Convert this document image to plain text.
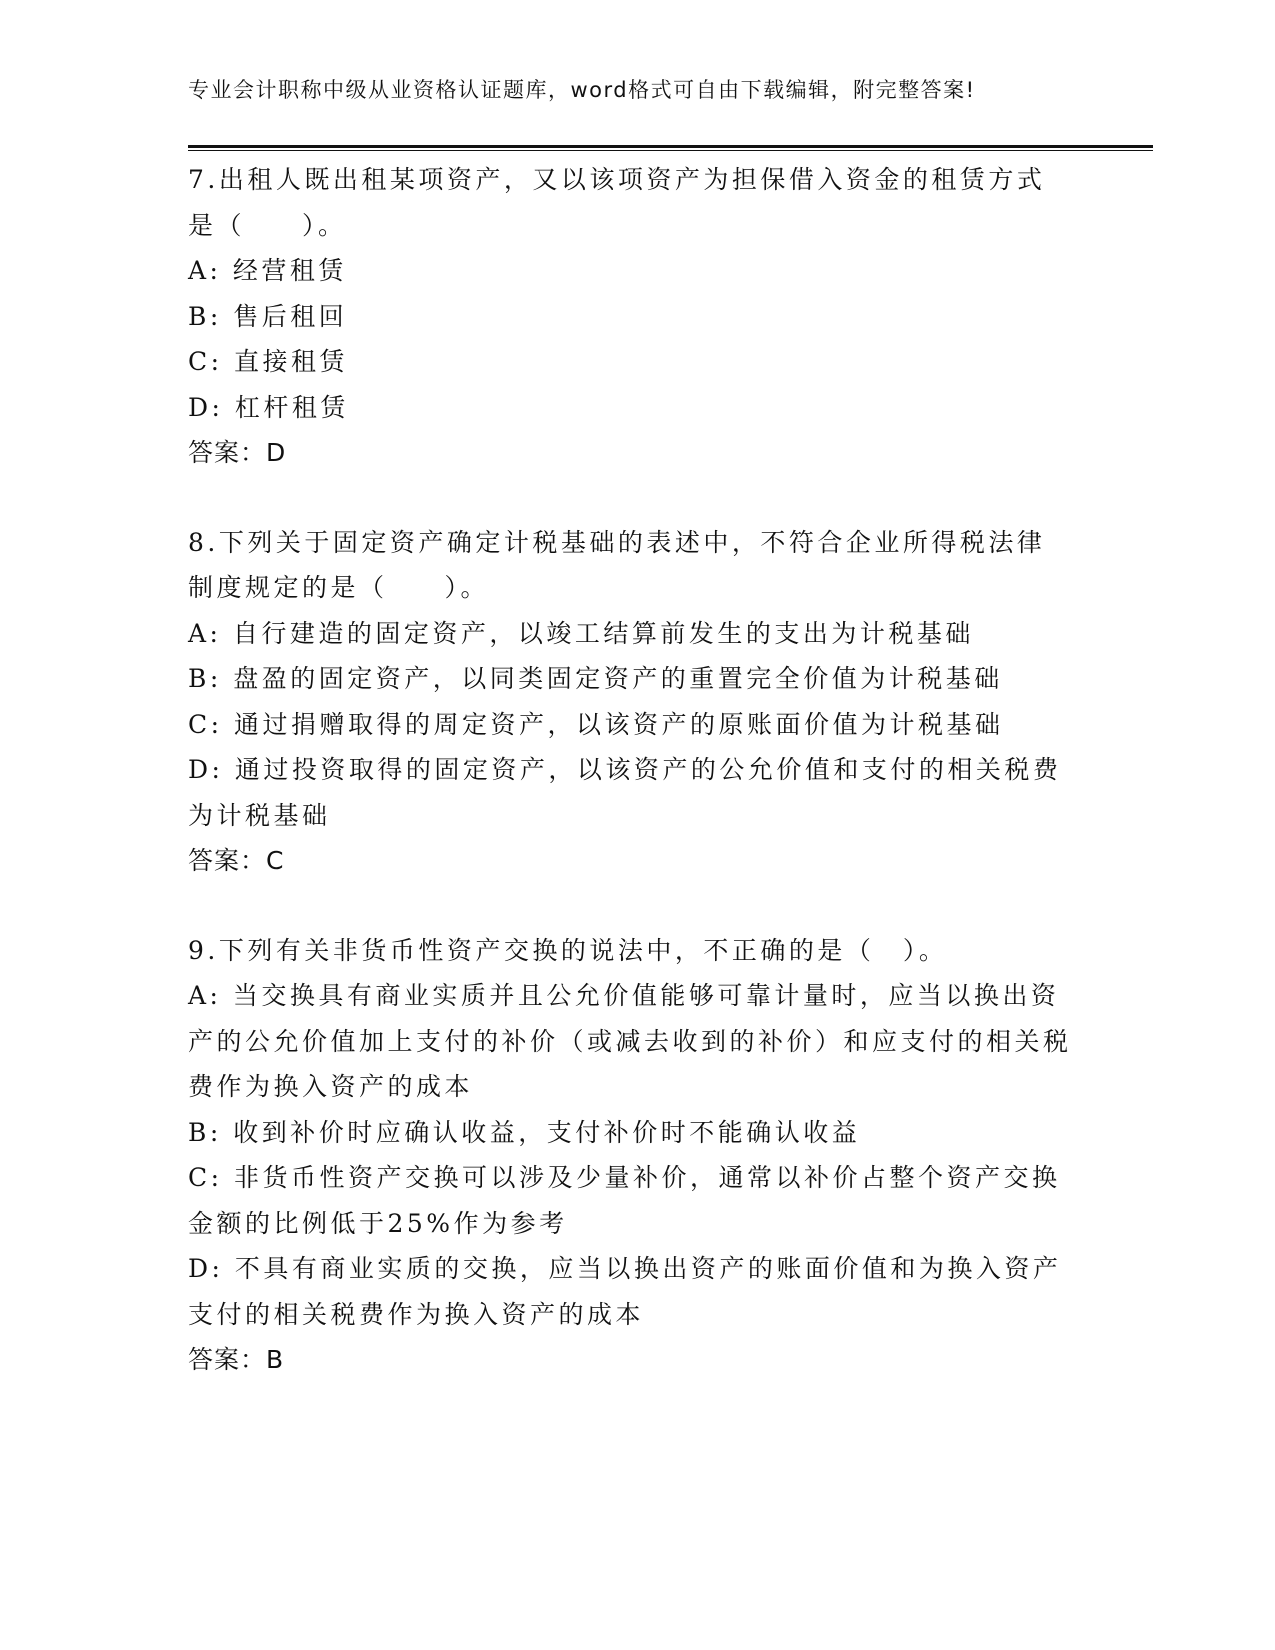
专业会计职称中级从业资格认证题库，word格式可自由下载编辑，附完整答案!

7.出租人既出租某项资产，又以该项资产为担保借入资金的租赁方式是（　　）。

A: 经营租赁

B: 售后租回

C: 直接租赁

D: 杠杆租赁

答案：D

8.下列关于固定资产确定计税基础的表述中，不符合企业所得税法律制度规定的是（　　）。

A: 自行建造的固定资产，以竣工结算前发生的支出为计税基础

B: 盘盈的固定资产，以同类固定资产的重置完全价值为计税基础

C: 通过捐赠取得的周定资产，以该资产的原账面价值为计税基础

D: 通过投资取得的固定资产，以该资产的公允价值和支付的相关税费为计税基础

答案：C

9.下列有关非货币性资产交换的说法中，不正确的是（　）。

A: 当交换具有商业实质并且公允价值能够可靠计量时，应当以换出资产的公允价值加上支付的补价（或减去收到的补价）和应支付的相关税费作为换入资产的成本

B: 收到补价时应确认收益，支付补价时不能确认收益

C: 非货币性资产交换可以涉及少量补价，通常以补价占整个资产交换金额的比例低于25%作为参考

D: 不具有商业实质的交换，应当以换出资产的账面价值和为换入资产支付的相关税费作为换入资产的成本

答案：B
